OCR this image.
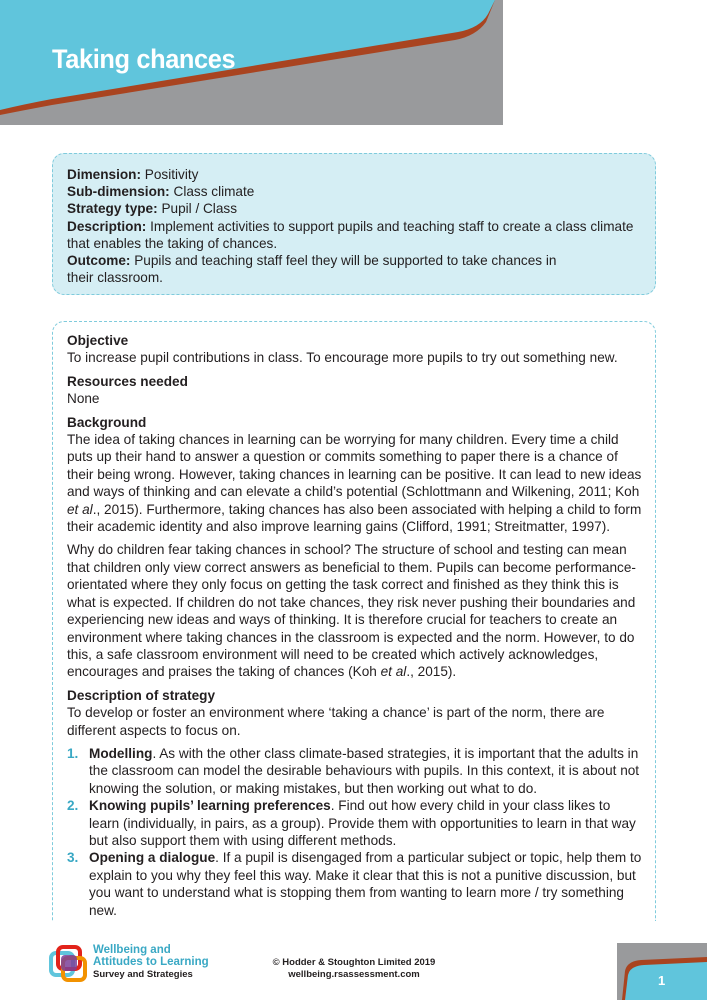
Taking chances

Dimension: Positivity

Sub-dimension: Class climate

Strategy type: Pupil / Class

Description: Implement activities to support pupils and teaching staff to create a class climate that enables the taking of chances.

Outcome: Pupils and teaching staff feel they will be supported to take chances in their classroom.

Objective

To increase pupil contributions in class. To encourage more pupils to try out something new.

Resources needed

None

Background

The idea of taking chances in learning can be worrying for many children. Every time a child puts up their hand to answer a question or commits something to paper there is a chance of their being wrong. However, taking chances in learning can be positive. It can lead to new ideas and ways of thinking and can elevate a child’s potential (Schlottmann and Wilkening, 2011; Koh et al., 2015). Furthermore, taking chances has also been associated with helping a child to form their academic identity and also improve learning gains (Clifford, 1991; Streitmatter, 1997).

Why do children fear taking chances in school? The structure of school and testing can mean that children only view correct answers as beneficial to them. Pupils can become performance-orientated where they only focus on getting the task correct and finished as they think this is what is expected. If children do not take chances, they risk never pushing their boundaries and experiencing new ideas and ways of thinking. It is therefore crucial for teachers to create an environment where taking chances in the classroom is expected and the norm. However, to do this, a safe classroom environment will need to be created which actively acknowledges, encourages and praises the taking of chances (Koh et al., 2015).

Description of strategy

To develop or foster an environment where ‘taking a chance’ is part of the norm, there are different aspects to focus on.

1. Modelling. As with the other class climate-based strategies, it is important that the adults in the classroom can model the desirable behaviours with pupils. In this context, it is about not knowing the solution, or making mistakes, but then working out what to do.
2. Knowing pupils’ learning preferences. Find out how every child in your class likes to learn (individually, in pairs, as a group). Provide them with opportunities to learn in that way but also support them with using different methods.
3. Opening a dialogue. If a pupil is disengaged from a particular subject or topic, help them to explain to you why they feel this way. Make it clear that this is not a punitive discussion, but you want to understand what is stopping them from wanting to learn more / try something new.
Wellbeing and
Attitudes to Learning
Survey and Strategies
© Hodder & Stoughton Limited 2019
wellbeing.rsassessment.com	1
